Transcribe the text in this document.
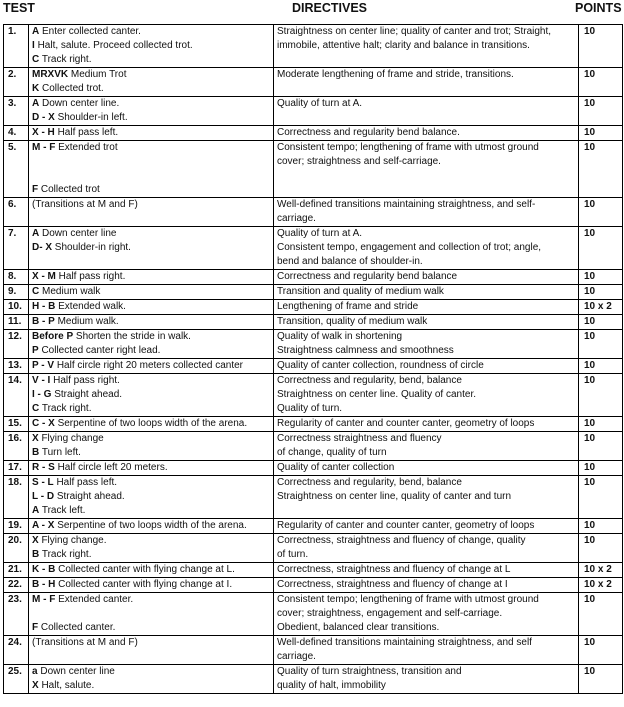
TEST	DIRECTIVES	POINTS
1.	A Enter collected canter.
I Halt, salute. Proceed collected trot.
C Track right.	Straightness on center line; quality of canter and trot; Straight,
immobile, attentive halt; clarity and balance in transitions.	10
2.	MRXVK Medium Trot
K Collected trot.	Moderate lengthening of frame and stride, transitions.	10
3.	A Down center line.
D - X Shoulder-in left.	Quality of turn at A.	10
4.	X - H Half pass left.	Correctness and regularity bend balance.	10
5.	M - F Extended trot
F Collected trot	Consistent tempo; lengthening of frame with utmost ground
cover; straightness and self-carriage.	10
6.	(Transitions at M and F)	Well-defined transitions maintaining straightness, and self-
carriage.	10
7.	A Down center line
D- X Shoulder-in right.	Quality of turn at A.
Consistent tempo, engagement and collection of trot; angle,
bend and balance of shoulder-in.	10
8.	X - M Half pass right.	Correctness and regularity bend balance	10
9.	C Medium walk	Transition and quality of medium walk	10
10.	H - B Extended walk.	Lengthening of frame and stride	10 x 2
11.	B - P Medium walk.	Transition, quality of medium walk	10
12.	Before P Shorten the stride in walk.
P Collected canter right lead.	Quality of walk in shortening
Straightness calmness and smoothness	10
13.	P - V Half circle right 20 meters collected canter	Quality of canter collection, roundness of circle	10
14.	V - I Half pass right.
I - G Straight ahead.
C Track right.	Correctness and regularity, bend, balance
Straightness on center line. Quality of canter.
Quality of turn.	10
15.	C - X Serpentine of two loops width of the arena.	Regularity of canter and counter canter, geometry of loops	10
16.	X Flying change
B Turn left.	Correctness straightness and fluency
of change, quality of turn	10
17.	R - S Half circle left 20 meters.	Quality of canter collection	10
18.	S - L Half pass left.
L - D Straight ahead.
A Track left.	Correctness and regularity, bend, balance
Straightness on center line, quality of canter and turn	10
19.	A - X Serpentine of two loops width of the arena.	Regularity of canter and counter canter, geometry of loops	10
20.	X Flying change.
B Track right.	Correctness, straightness and fluency of change, quality
of turn.	10
21.	K - B Collected canter with flying change at L.	Correctness, straightness and fluency of change at L	10 x 2
22.	B - H Collected canter with flying change at I.	Correctness, straightness and fluency of change at I	10 x 2
23.	M - F Extended canter.
F Collected canter.	Consistent tempo; lengthening of frame with utmost ground
cover; straightness, engagement and self-carriage.
Obedient, balanced clear transitions.	10
24.	(Transitions at M and F)	Well-defined transitions maintaining straightness, and self
carriage.	10
25.	a Down center line
X Halt, salute.	Quality of turn straightness, transition and
quality of halt, immobility	10
